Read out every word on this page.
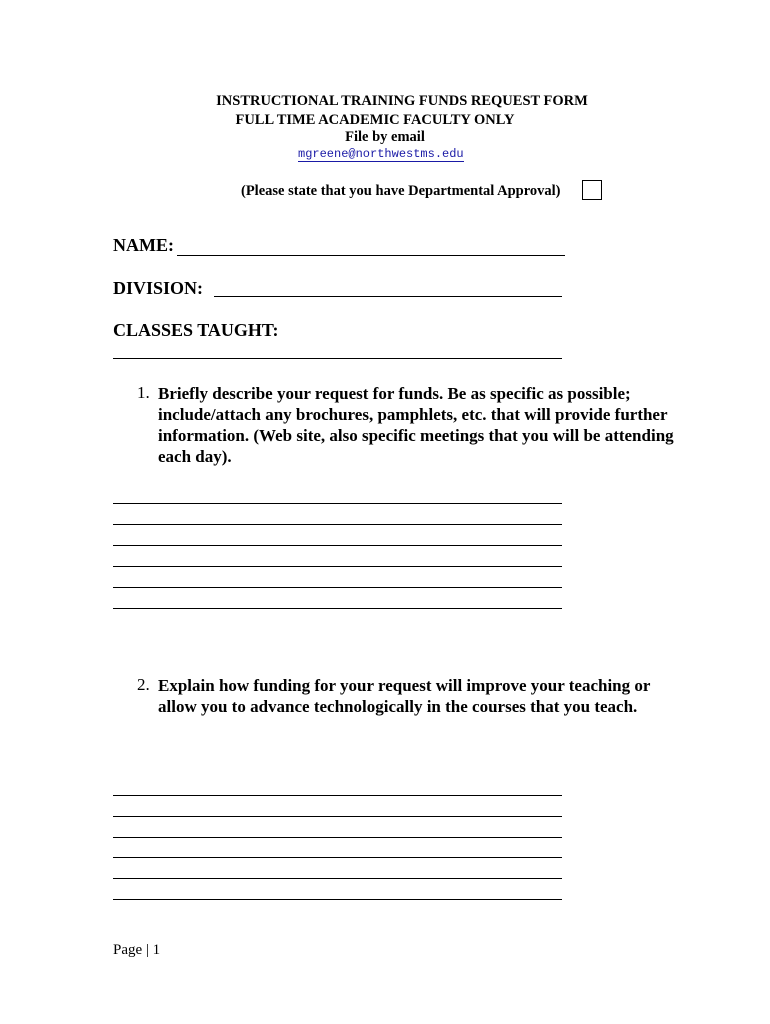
INSTRUCTIONAL TRAINING FUNDS REQUEST FORM
FULL TIME ACADEMIC FACULTY ONLY
File by email
mgreene@northwestms.edu
(Please state that you have Departmental Approval)
NAME:
DIVISION:
CLASSES TAUGHT:
1. Briefly describe your request for funds. Be as specific as possible; include/attach any brochures, pamphlets, etc. that will provide further information. (Web site, also specific meetings that you will be attending each day).
2. Explain how funding for your request will improve your teaching or allow you to advance technologically in the courses that you teach.
Page | 1
